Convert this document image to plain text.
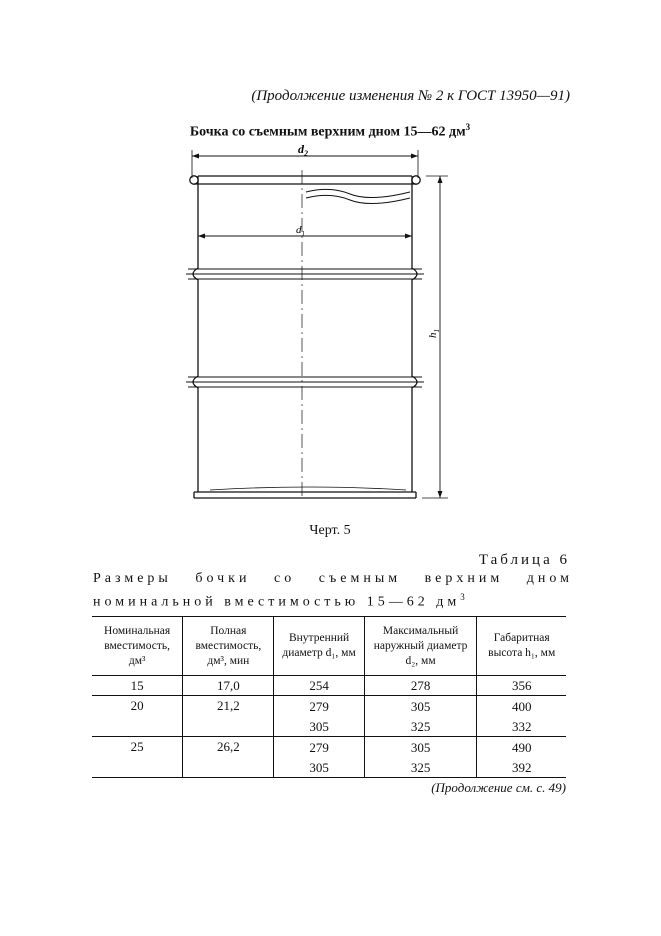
(Продолжение изменения № 2 к ГОСТ 13950—91)
Бочка со съемным верхним дном 15—62 $дм^3$
$d_2$
$d_1$
$h_1$
Черт. 5
Таблица 6
Размеры бочки со съемным верхним дном
номинальной вместимостью 15—62 $дм^3$
Номинальная вместимость, дм³	Полная вместимость, дм³, мин	Внутренний диаметр d₁, мм	Максимальный наружный диаметр d₂, мм	Габаритная высота h₁, мм
15	17,0	254	278	356
20	21,2	279	305	400
		305	325	332
25	26,2	279	305	490
		305	325	392
(Продолжение см. с. 49)
